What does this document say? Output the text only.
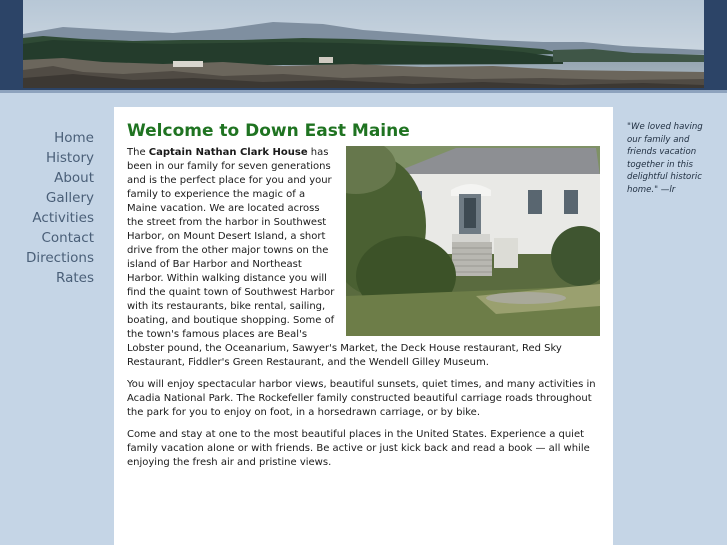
Home
History
About
Gallery
Activities
Contact
Directions
Rates
Welcome to Down East Maine

The Captain Nathan Clark House has been in our family for seven generations and is the perfect place for you and your family to experience the magic of a Maine vacation. We are located across the street from the harbor in Southwest Harbor, on Mount Desert Island, a short drive from the other major towns on the island of Bar Harbor and Northeast Harbor. Within walking distance you will find the quaint town of Southwest Harbor with its restaurants, bike rental, sailing, boating, and boutique shopping. Some of the town's famous places are Beal's Lobster pound, the Oceanarium, Sawyer's Market, the Deck House restaurant, Red Sky Restaurant, Fiddler's Green Restaurant, and the Wendell Gilley Museum.

You will enjoy spectacular harbor views, beautiful sunsets, quiet times, and many activities in Acadia National Park. The Rockefeller family constructed beautiful carriage roads throughout the park for you to enjoy on foot, in a horsedrawn carriage, or by bike.

Come and stay at one to the most beautiful places in the United States. Experience a quiet family vacation alone or with friends. Be active or just kick back and read a book — all while enjoying the fresh air and pristine views.

"We loved having our family and friends vacation together in this delightful historic home." —lr
